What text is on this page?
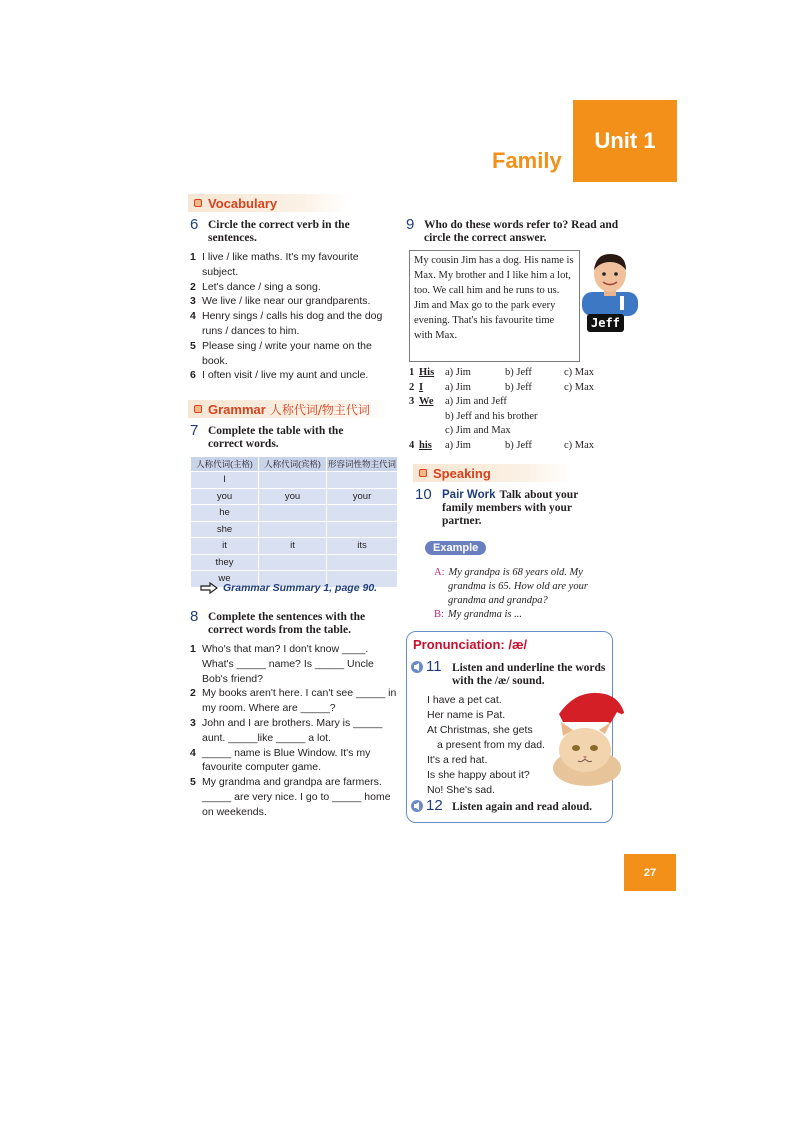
Unit 1
Family
Vocabulary
6 Circle the correct verb in the sentences.
1 I live / like maths. It's my favourite subject.
2 Let's dance / sing a song.
3 We live / like near our grandparents.
4 Henry sings / calls his dog and the dog runs / dances to him.
5 Please sing / write your name on the book.
6 I often visit / live my aunt and uncle.
Grammar 人称代词/物主代词
7 Complete the table with the correct words.
人称代词(主格)	人称代词(宾格)	形容词性物主代词
I		
you	you	your
he		
she		
it	it	its
they		
we		
Grammar Summary 1, page 90.
8 Complete the sentences with the correct words from the table.
1 Who's that man? I don't know ____. What's _____ name? Is _____ Uncle Bob's friend?
2 My books aren't here. I can't see _____ in my room. Where are _____?
3 John and I are brothers. Mary is _____ aunt. _____like _____ a lot.
4 _____ name is Blue Window. It's my favourite computer game.
5 My grandma and grandpa are farmers. _____ are very nice. I go to _____ home on weekends.
9 Who do these words refer to? Read and circle the correct answer.
My cousin Jim has a dog. His name is Max. My brother and I like him a lot, too. We call him and he runs to us. Jim and Max go to the park every evening. That's his favourite time with Max.
Jeff
1 His a) Jim	b) Jeff	c) Max
2 I a) Jim	b) Jeff	c) Max
3 We a) Jim and Jeff
b) Jeff and his brother
c) Jim and Max
4 his a) Jim	b) Jeff	c) Max
Speaking
10 Pair Work Talk about your family members with your partner.
Example
A: My grandpa is 68 years old. My grandma is 65. How old are your grandma and grandpa?
B: My grandma is ...
Pronunciation: /æ/
11 Listen and underline the words with the /æ/ sound.
I have a pet cat.
Her name is Pat.
At Christmas, she gets
a present from my dad.
It's a red hat.
Is she happy about it?
No! She's sad.
12 Listen again and read aloud.
27
